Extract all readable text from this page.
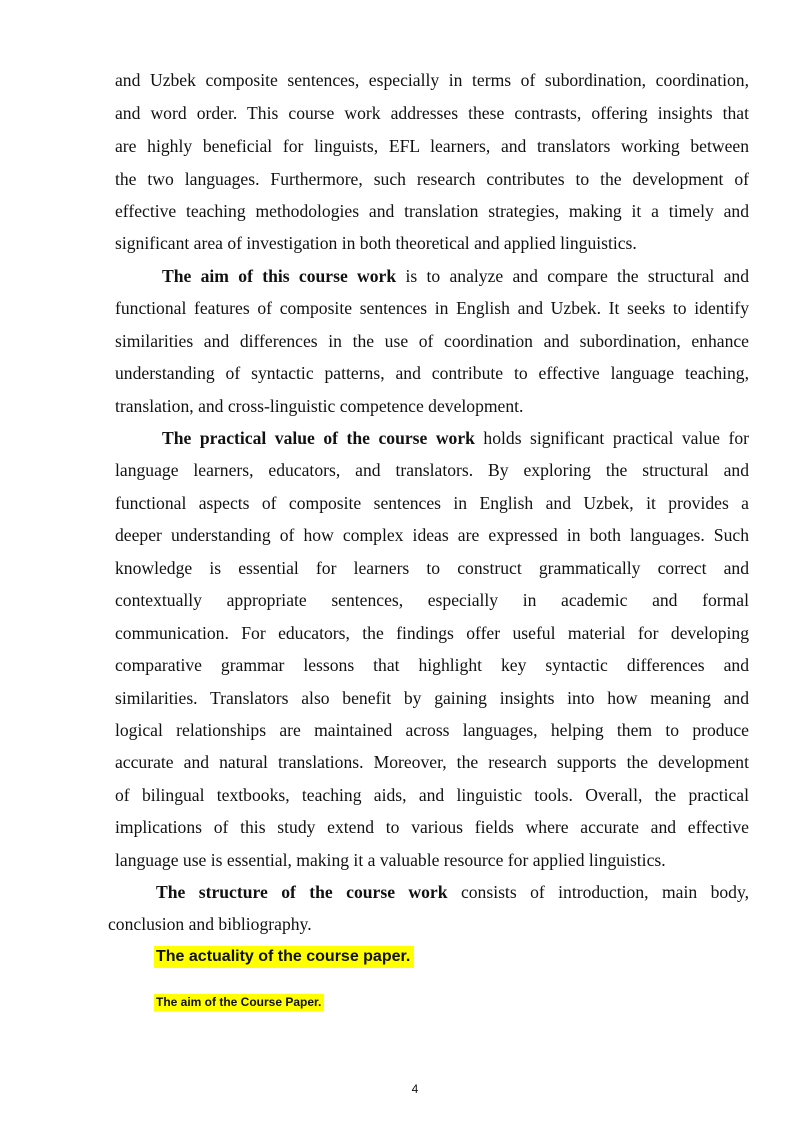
and Uzbek composite sentences, especially in terms of subordination, coordination,
and word order. This course work addresses these contrasts, offering insights that
are highly beneficial for linguists, EFL learners, and translators working between
the two languages. Furthermore, such research contributes to the development of
effective teaching methodologies and translation strategies, making it a timely and
significant area of investigation in both theoretical and applied linguistics.
The aim of this course work is to analyze and compare the structural and
functional features of composite sentences in English and Uzbek. It seeks to identify
similarities and differences in the use of coordination and subordination, enhance
understanding of syntactic patterns, and contribute to effective language teaching,
translation, and cross-linguistic competence development.
The practical value of the course work holds significant practical value for
language learners, educators, and translators. By exploring the structural and
functional aspects of composite sentences in English and Uzbek, it provides a
deeper understanding of how complex ideas are expressed in both languages. Such
knowledge is essential for learners to construct grammatically correct and
contextually appropriate sentences, especially in academic and formal
communication. For educators, the findings offer useful material for developing
comparative grammar lessons that highlight key syntactic differences and
similarities. Translators also benefit by gaining insights into how meaning and
logical relationships are maintained across languages, helping them to produce
accurate and natural translations. Moreover, the research supports the development
of bilingual textbooks, teaching aids, and linguistic tools. Overall, the practical
implications of this study extend to various fields where accurate and effective
language use is essential, making it a valuable resource for applied linguistics.
The structure of the course work consists of introduction, main body,
conclusion and bibliography.
The actuality of the course paper.
The aim of the Course Paper.
4
